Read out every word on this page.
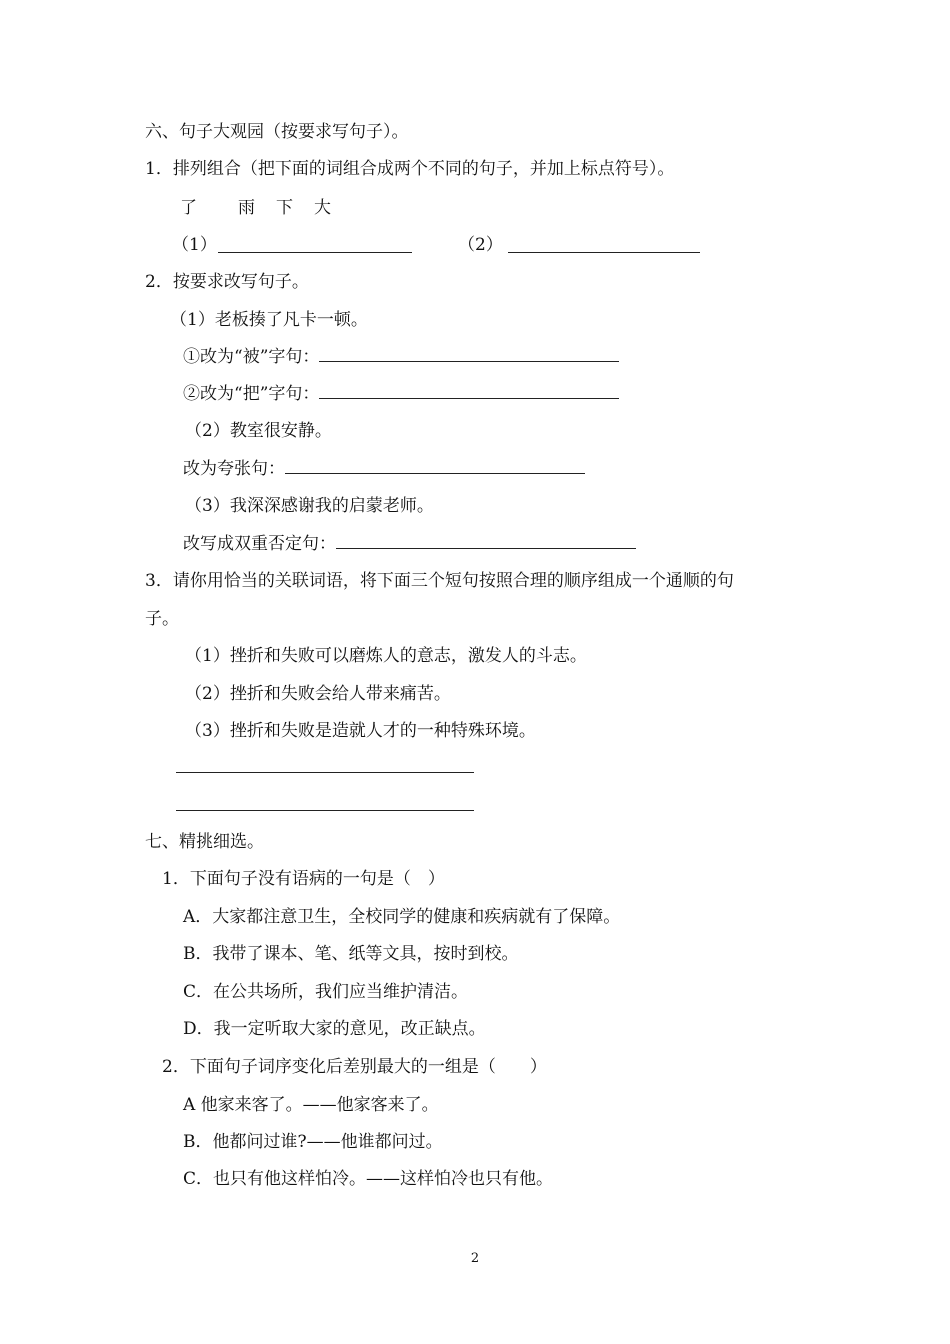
六、句子大观园（按要求写句子）。
1．排列组合（把下面的词组合成两个不同的句子，并加上标点符号）。
了 雨 下 大
（1）	（2）
2．按要求改写句子。
（1）老板揍了凡卡一顿。
①改为“被”字句：
②改为“把”字句：
（2）教室很安静。
改为夸张句：
（3）我深深感谢我的启蒙老师。
改写成双重否定句：
3．请你用恰当的关联词语，将下面三个短句按照合理的顺序组成一个通顺的句
子。
（1）挫折和失败可以磨炼人的意志，激发人的斗志。
（2）挫折和失败会给人带来痛苦。
（3）挫折和失败是造就人才的一种特殊环境。
七、精挑细选。
1．下面句子没有语病的一句是（　）
A．大家都注意卫生，全校同学的健康和疾病就有了保障。
B．我带了课本、笔、纸等文具，按时到校。
C．在公共场所，我们应当维护清洁。
D．我一定听取大家的意见，改正缺点。
2．下面句子词序变化后差别最大的一组是（　　）
A 他家来客了。——他家客来了。
B．他都问过谁?——他谁都问过。
C．也只有他这样怕冷。——这样怕冷也只有他。
2
